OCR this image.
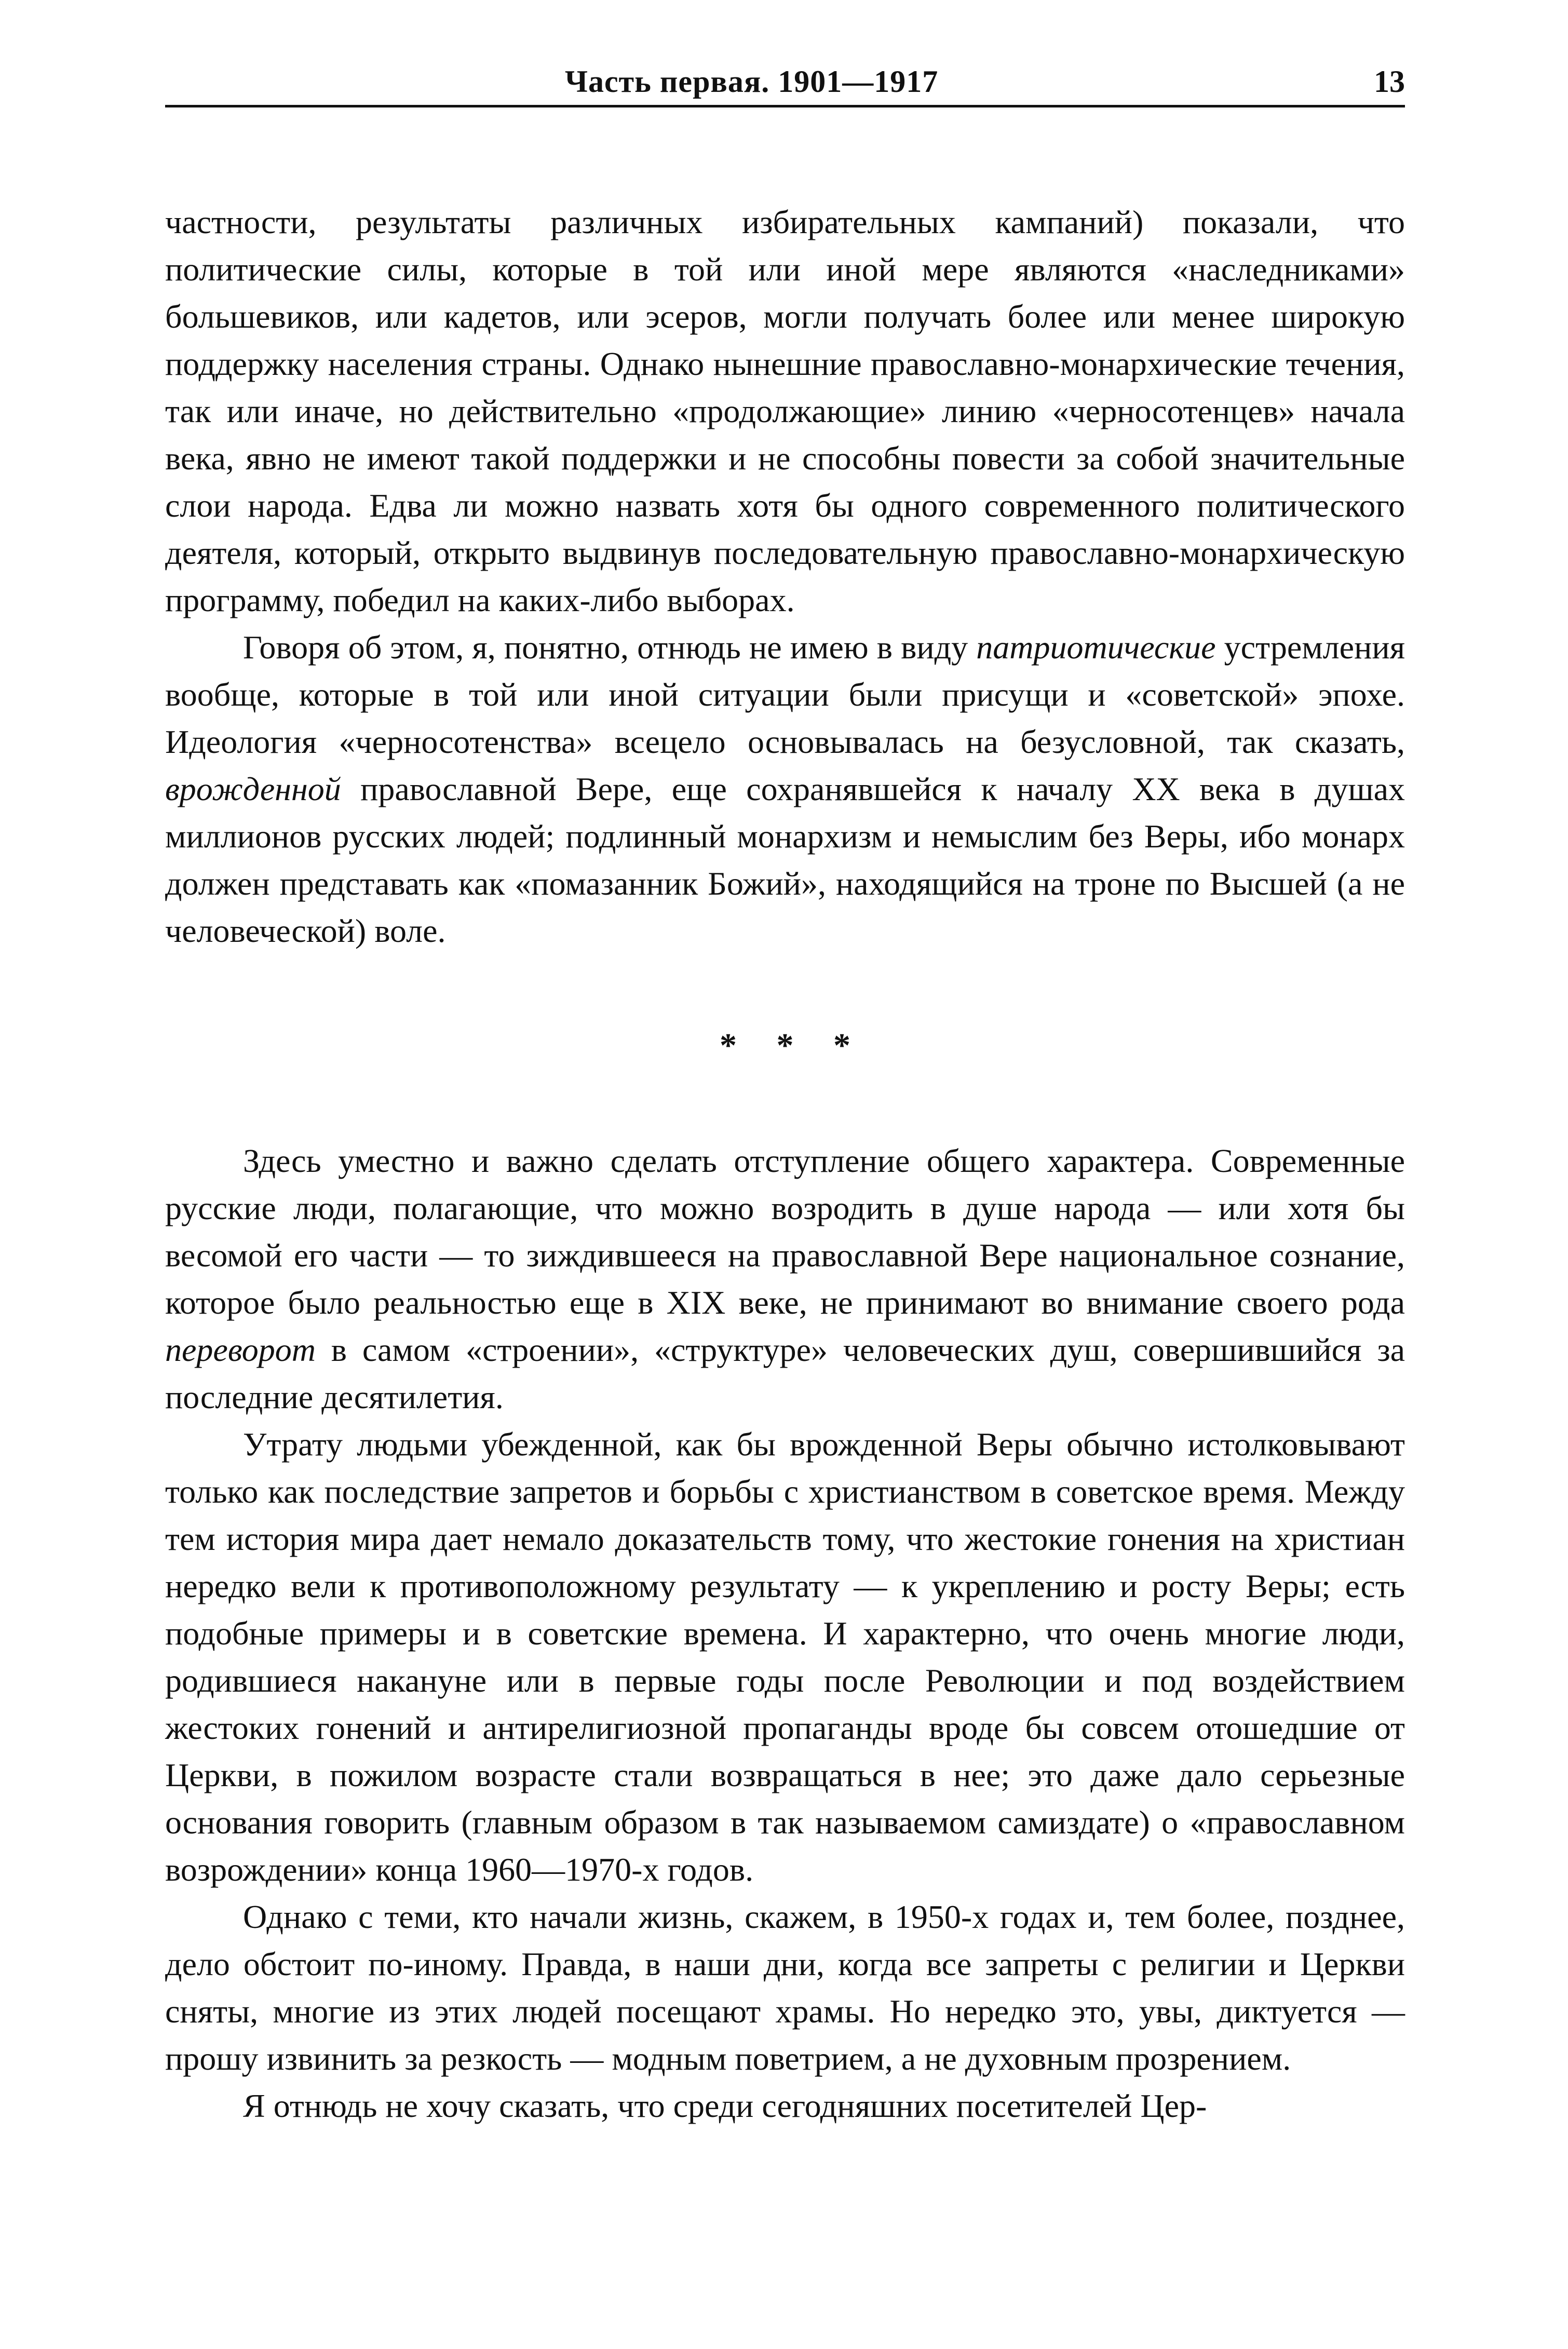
Часть первая. 1901—1917	13

частности, результаты различных избирательных кампаний) показали, что политические силы, которые в той или иной мере являются «наследниками» большевиков, или кадетов, или эсеров, могли получать более или менее широкую поддержку населения страны. Однако нынешние православно-монархические течения, так или иначе, но действительно «продолжающие» линию «черносотенцев» начала века, явно не имеют такой поддержки и не способны повести за собой значительные слои народа. Едва ли можно назвать хотя бы одного современного политического деятеля, который, открыто выдвинув последовательную православно-монархическую программу, победил на каких-либо выборах.

Говоря об этом, я, понятно, отнюдь не имею в виду патриотические устремления вообще, которые в той или иной ситуации были присущи и «советской» эпохе. Идеология «черносотенства» всецело основывалась на безусловной, так сказать, врожденной православной Вере, еще сохранявшейся к началу XX века в душах миллионов русских людей; подлинный монархизм и немыслим без Веры, ибо монарх должен представать как «помазанник Божий», находящийся на троне по Высшей (а не человеческой) воле.

* * *

Здесь уместно и важно сделать отступление общего характера. Современные русские люди, полагающие, что можно возродить в душе народа — или хотя бы весомой его части — то зиждившееся на православной Вере национальное сознание, которое было реальностью еще в XIX веке, не принимают во внимание своего рода переворот в самом «строении», «структуре» человеческих душ, совершившийся за последние десятилетия.

Утрату людьми убежденной, как бы врожденной Веры обычно истолковывают только как последствие запретов и борьбы с христианством в советское время. Между тем история мира дает немало доказательств тому, что жестокие гонения на христиан нередко вели к противоположному результату — к укреплению и росту Веры; есть подобные примеры и в советские времена. И характерно, что очень многие люди, родившиеся накануне или в первые годы после Революции и под воздействием жестоких гонений и антирелигиозной пропаганды вроде бы совсем отошедшие от Церкви, в пожилом возрасте стали возвращаться в нее; это даже дало серьезные основания говорить (главным образом в так называемом самиздате) о «православном возрождении» конца 1960—1970-х годов.

Однако с теми, кто начали жизнь, скажем, в 1950-х годах и, тем более, позднее, дело обстоит по-иному. Правда, в наши дни, когда все запреты с религии и Церкви сняты, многие из этих людей посещают храмы. Но нередко это, увы, диктуется — прошу извинить за резкость — модным поветрием, а не духовным прозрением.

Я отнюдь не хочу сказать, что среди сегодняшних посетителей Цер-
